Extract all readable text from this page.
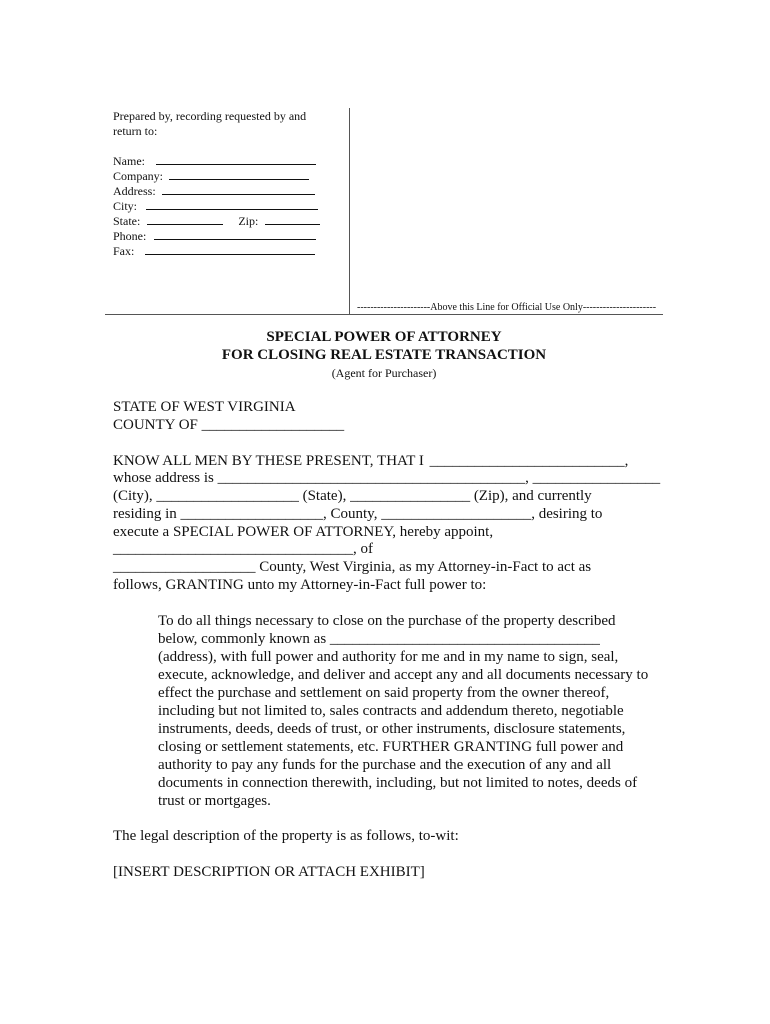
Prepared by, recording requested by and
return to:
Name:
Company:
Address:
City:
State:	Zip:
Phone:
Fax:
----------------------Above this Line for Official Use Only----------------------
SPECIAL POWER OF ATTORNEY
FOR CLOSING REAL ESTATE TRANSACTION
(Agent for Purchaser)
STATE OF WEST VIRGINIA
COUNTY OF ___________________
KNOW ALL MEN BY THESE PRESENT, THAT I __________________________,
whose address is _________________________________________, _________________
(City), ___________________ (State), ________________ (Zip), and currently
residing in ___________________, County, ____________________, desiring to
execute a SPECIAL POWER OF ATTORNEY, hereby appoint,
________________________________, of
___________________ County, West Virginia, as my Attorney-in-Fact to act as
follows, GRANTING unto my Attorney-in-Fact full power to:
To do all things necessary to close on the purchase of the property described
below, commonly known as ____________________________________
(address), with full power and authority for me and in my name to sign, seal,
execute, acknowledge, and deliver and accept any and all documents necessary to
effect the purchase and settlement on said property from the owner thereof,
including but not limited to, sales contracts and addendum thereto, negotiable
instruments, deeds, deeds of trust, or other instruments, disclosure statements,
closing or settlement statements, etc. FURTHER GRANTING full power and
authority to pay any funds for the purchase and the execution of any and all
documents in connection therewith, including, but not limited to notes, deeds of
trust or mortgages.
The legal description of the property is as follows, to-wit:
[INSERT DESCRIPTION OR ATTACH EXHIBIT]
